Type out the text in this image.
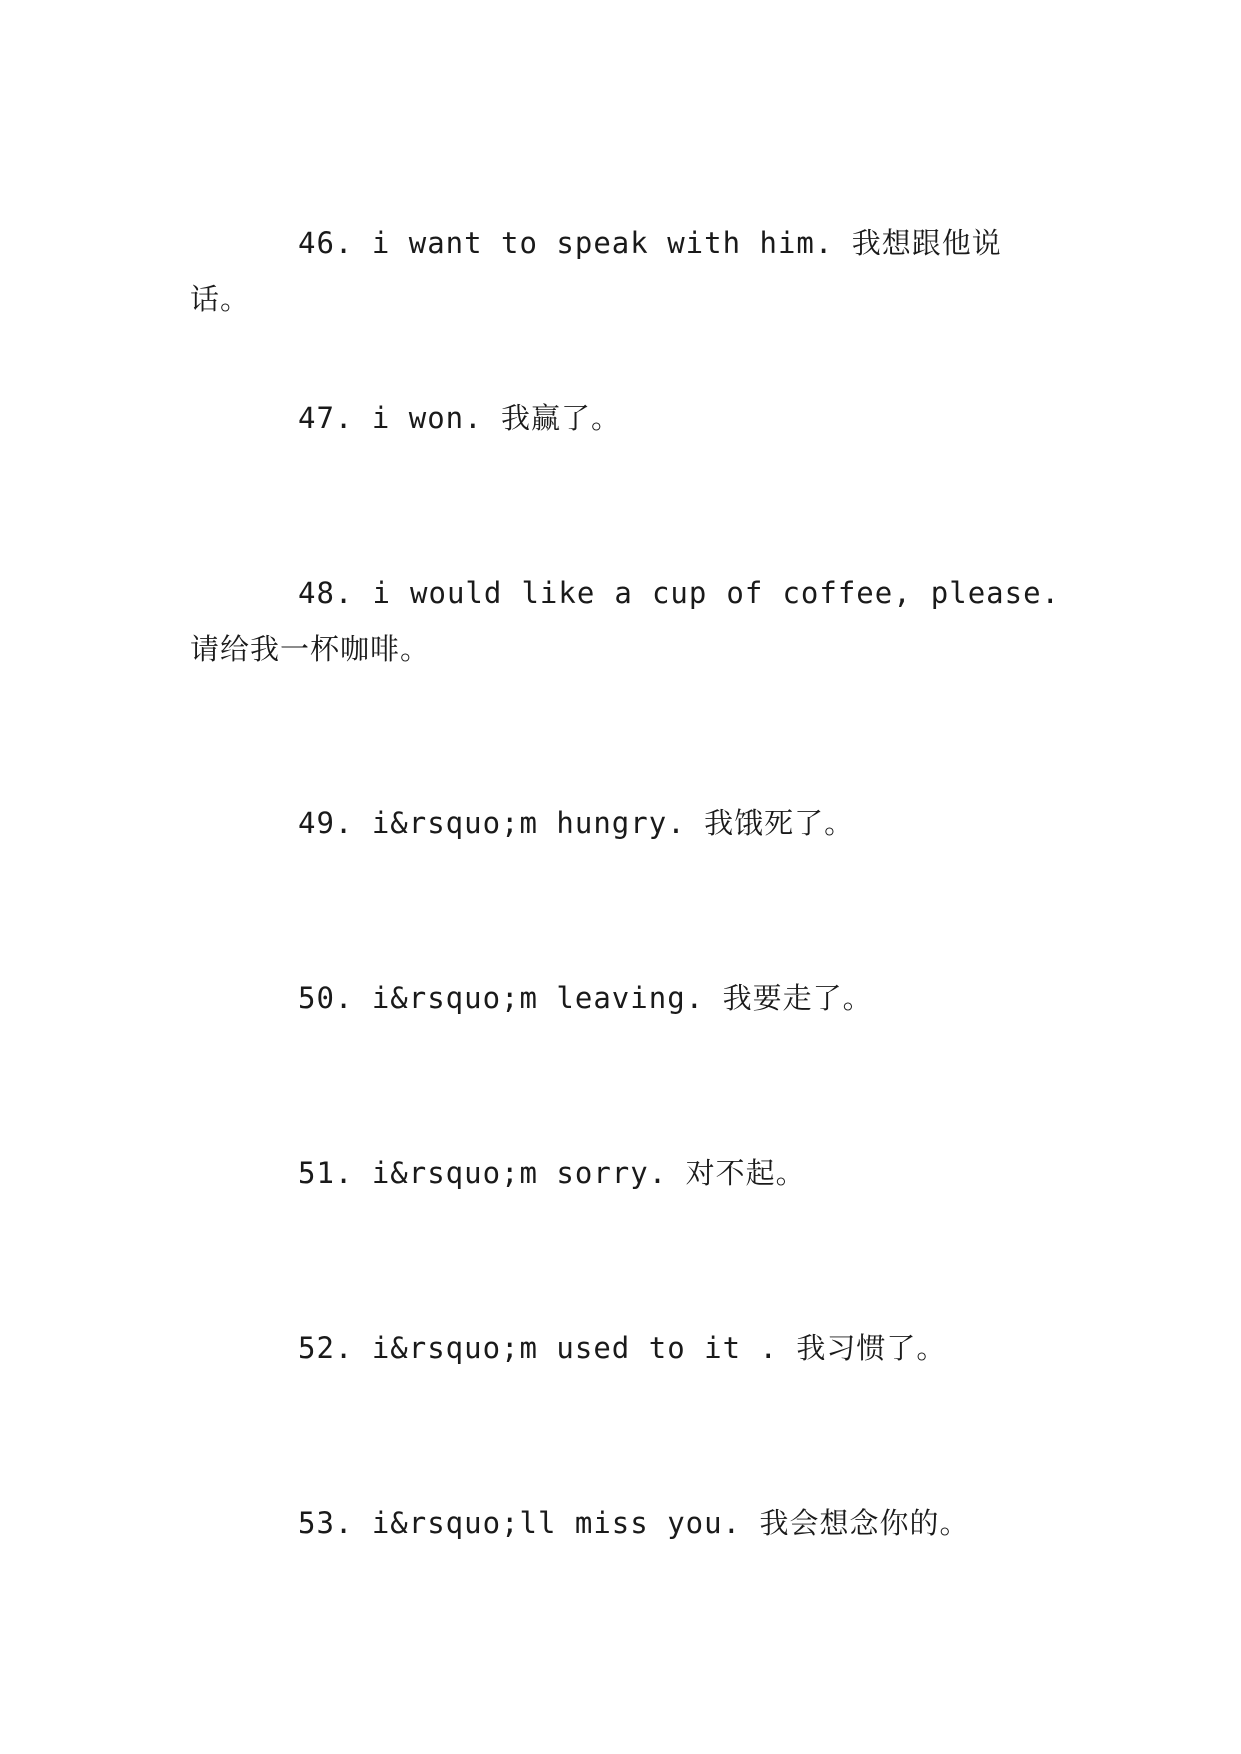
46. i want to speak with him. 我想跟他说话。

47. i won. 我赢了。

48. i would like a cup of coffee, please. 请给我一杯咖啡。

49. i&rsquo;m hungry. 我饿死了。

50. i&rsquo;m leaving. 我要走了。

51. i&rsquo;m sorry. 对不起。

52. i&rsquo;m used to it . 我习惯了。

53. i&rsquo;ll miss you. 我会想念你的。
